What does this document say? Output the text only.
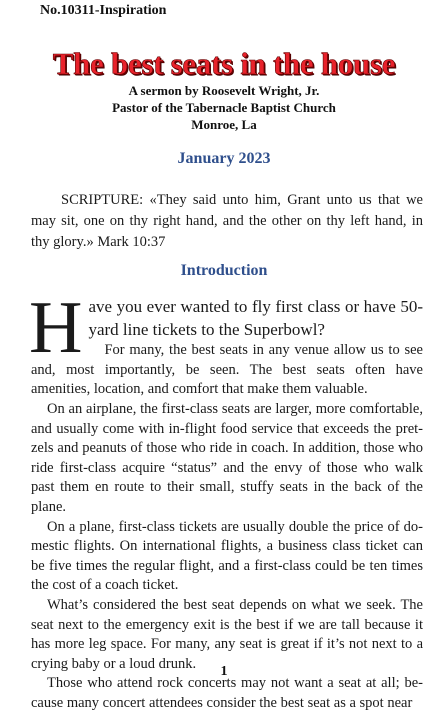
No.10311-Inspiration
The best seats in the house
A sermon by Roosevelt Wright, Jr.
Pastor of the Tabernacle Baptist Church
Monroe, La
January 2023
SCRIPTURE: «They said unto him, Grant unto us that we may sit, one on thy right hand, and the other on thy left hand, in thy glory.» Mark 10:37
Introduction

Have you ever wanted to fly first class or have 50-yard line tickets to the Superbowl?

For many, the best seats in any venue allow us to see and, most importantly, be seen. The best seats often have amenities, location, and comfort that make them valuable.

On an airplane, the first-class seats are larger, more comfortable, and usually come with in-flight food service that exceeds the pretzels and peanuts of those who ride in coach. In addition, those who ride first-class acquire “status” and the envy of those who walk past them en route to their small, stuffy seats in the back of the plane.

On a plane, first-class tickets are usually double the price of domestic flights. On international flights, a business class ticket can be five times the regular flight, and a first-class could be ten times the cost of a coach ticket.

What’s considered the best seat depends on what we seek. The seat next to the emergency exit is the best if we are tall because it has more leg space. For many, any seat is great if it’s not next to a crying baby or a loud drunk.

Those who attend rock concerts may not want a seat at all; because many concert attendees consider the best seat as a spot near

1
